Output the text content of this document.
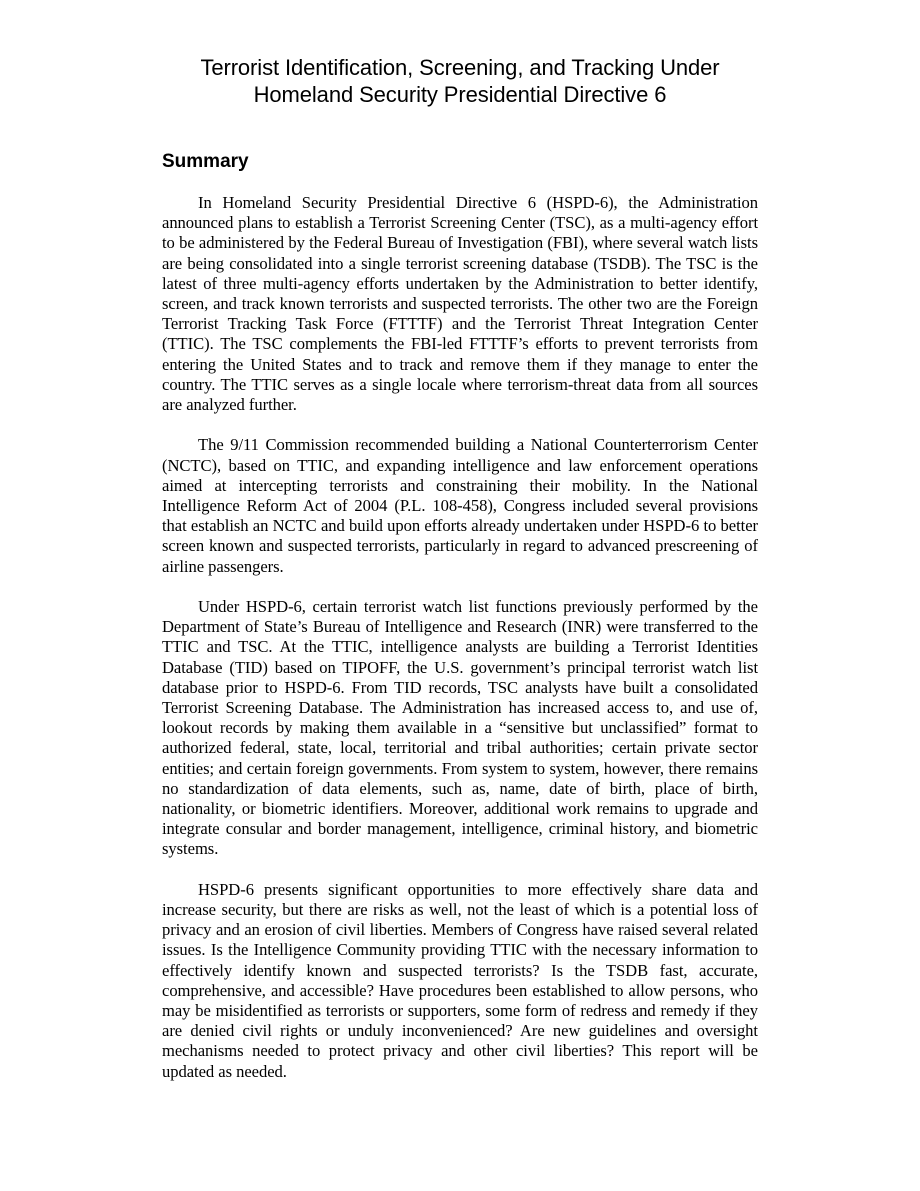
Terrorist Identification, Screening, and Tracking Under
Homeland Security Presidential Directive 6
Summary

In Homeland Security Presidential Directive 6 (HSPD-6), the Administration announced plans to establish a Terrorist Screening Center (TSC), as a multi-agency effort to be administered by the Federal Bureau of Investigation (FBI), where several watch lists are being consolidated into a single terrorist screening database (TSDB). The TSC is the latest of three multi-agency efforts undertaken by the Administration to better identify, screen, and track known terrorists and suspected terrorists. The other two are the Foreign Terrorist Tracking Task Force (FTTTF) and the Terrorist Threat Integration Center (TTIC). The TSC complements the FBI-led FTTTF’s efforts to prevent terrorists from entering the United States and to track and remove them if they manage to enter the country. The TTIC serves as a single locale where terrorism-threat data from all sources are analyzed further.

The 9/11 Commission recommended building a National Counterterrorism Center (NCTC), based on TTIC, and expanding intelligence and law enforcement operations aimed at intercepting terrorists and constraining their mobility. In the National Intelligence Reform Act of 2004 (P.L. 108-458), Congress included several provisions that establish an NCTC and build upon efforts already undertaken under HSPD-6 to better screen known and suspected terrorists, particularly in regard to advanced prescreening of airline passengers.

Under HSPD-6, certain terrorist watch list functions previously performed by the Department of State’s Bureau of Intelligence and Research (INR) were transferred to the TTIC and TSC. At the TTIC, intelligence analysts are building a Terrorist Identities Database (TID) based on TIPOFF, the U.S. government’s principal terrorist watch list database prior to HSPD-6. From TID records, TSC analysts have built a consolidated Terrorist Screening Database. The Administration has increased access to, and use of, lookout records by making them available in a “sensitive but unclassified” format to authorized federal, state, local, territorial and tribal authorities; certain private sector entities; and certain foreign governments. From system to system, however, there remains no standardization of data elements, such as, name, date of birth, place of birth, nationality, or biometric identifiers. Moreover, additional work remains to upgrade and integrate consular and border management, intelligence, criminal history, and biometric systems.

HSPD-6 presents significant opportunities to more effectively share data and increase security, but there are risks as well, not the least of which is a potential loss of privacy and an erosion of civil liberties. Members of Congress have raised several related issues. Is the Intelligence Community providing TTIC with the necessary information to effectively identify known and suspected terrorists? Is the TSDB fast, accurate, comprehensive, and accessible? Have procedures been established to allow persons, who may be misidentified as terrorists or supporters, some form of redress and remedy if they are denied civil rights or unduly inconvenienced? Are new guidelines and oversight mechanisms needed to protect privacy and other civil liberties? This report will be updated as needed.
